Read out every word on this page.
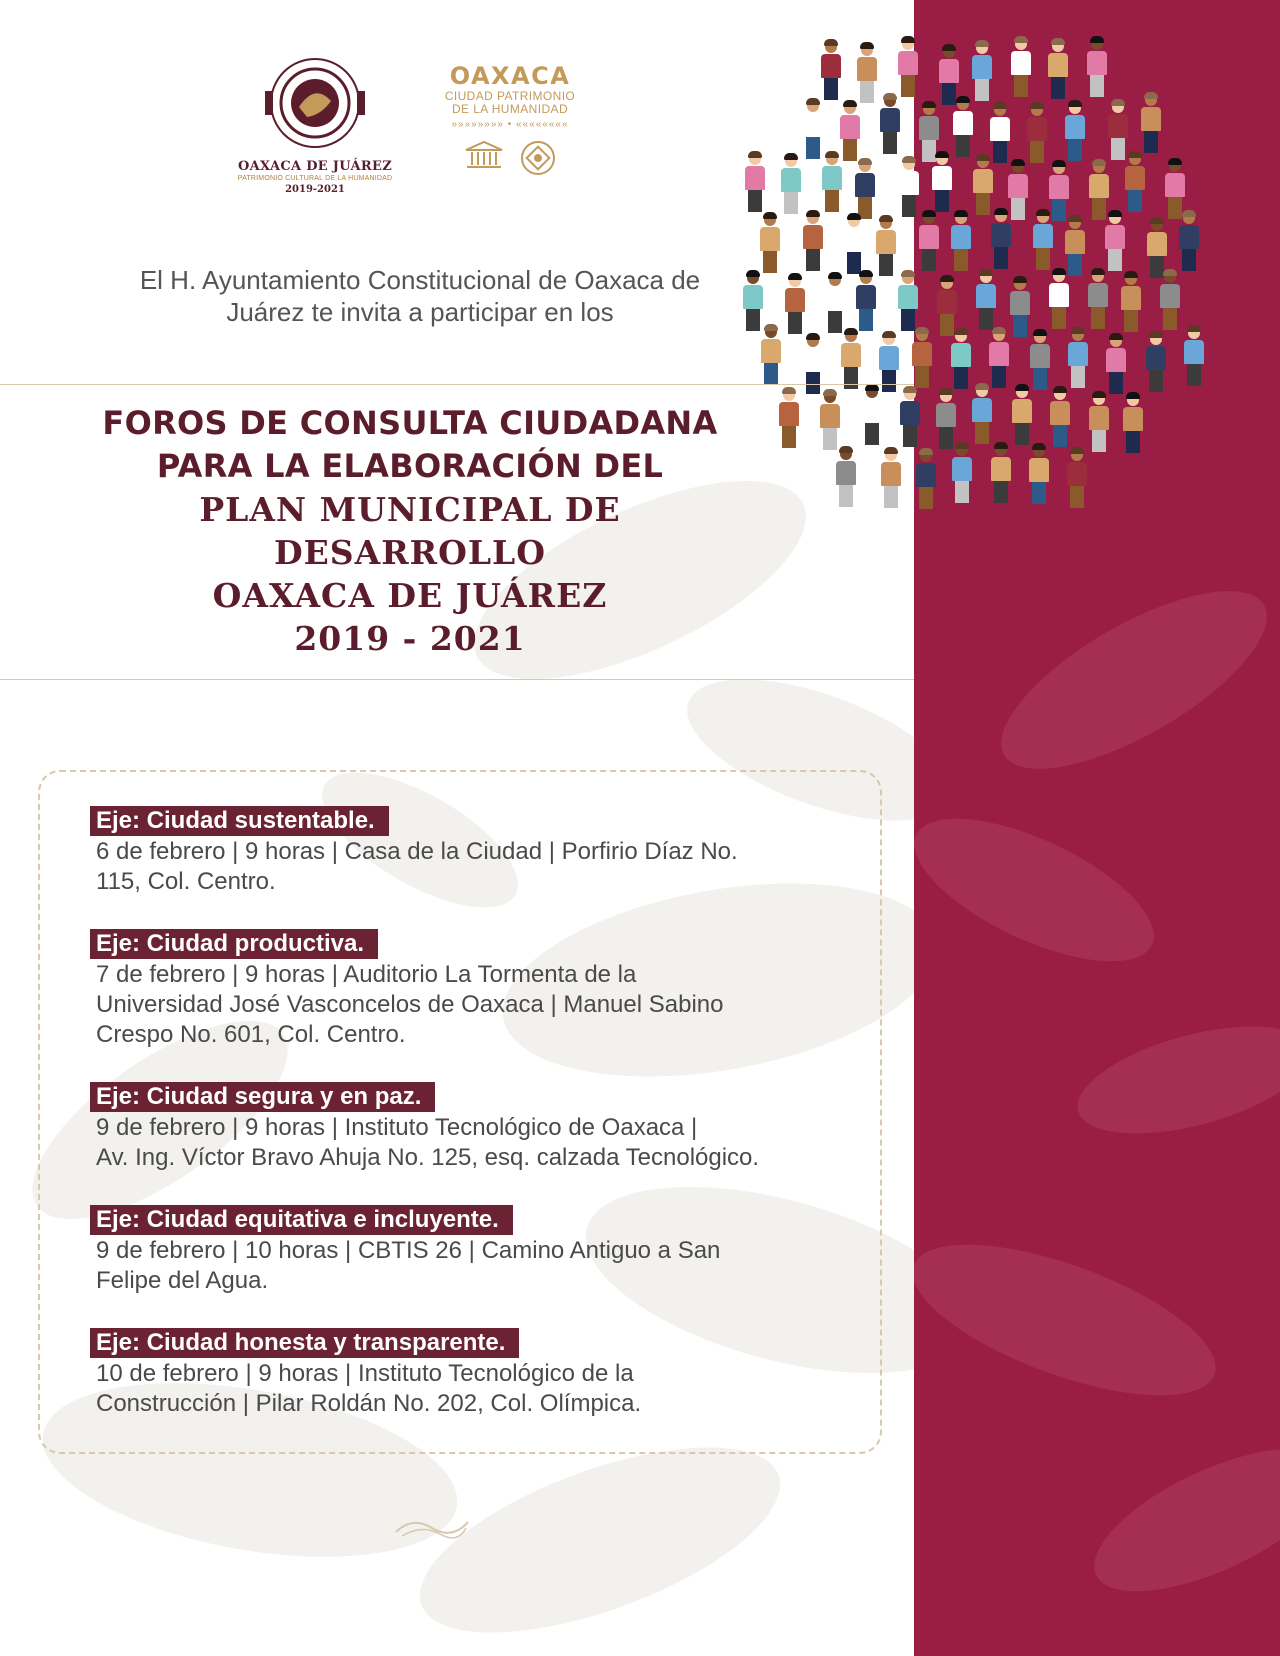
OAXACA DE JUÁREZ
PATRIMONIO CULTURAL DE LA HUMANIDAD
2019-2021
OAXACA
CIUDAD PATRIMONIO
DE LA HUMANIDAD
»»»»»»»» • ««««««««

El H. Ayuntamiento Constitucional de Oaxaca de
Juárez te invita a participar en los

FOROS DE CONSULTA CIUDADANA
PARA LA ELABORACIÓN DEL
PLAN MUNICIPAL DE
DESARROLLO
OAXACA DE JUÁREZ
2019 - 2021
Eje: Ciudad sustentable.
6 de febrero | 9 horas | Casa de la Ciudad | Porfirio Díaz No.
115, Col. Centro.
Eje: Ciudad productiva.
7 de febrero | 9 horas | Auditorio La Tormenta de la
Universidad José Vasconcelos de Oaxaca | Manuel Sabino
Crespo No. 601, Col. Centro.
Eje: Ciudad segura y en paz.
9 de febrero | 9 horas | Instituto Tecnológico de Oaxaca |
Av. Ing. Víctor Bravo Ahuja No. 125, esq. calzada Tecnológico.
Eje: Ciudad equitativa e incluyente.
9 de febrero | 10 horas | CBTIS 26 | Camino Antiguo a San
Felipe del Agua.
Eje: Ciudad honesta y transparente.
10 de febrero | 9 horas | Instituto Tecnológico de la
Construcción | Pilar Roldán No. 202, Col. Olímpica.
